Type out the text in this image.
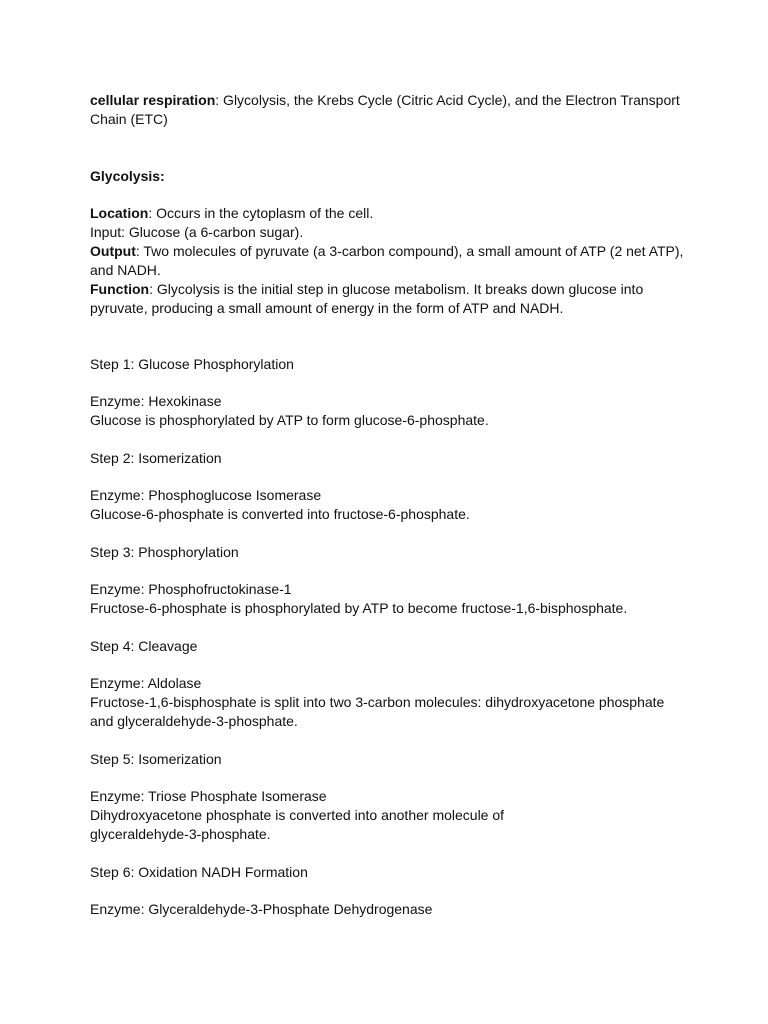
cellular respiration: Glycolysis, the Krebs Cycle (Citric Acid Cycle), and the Electron Transport
Chain (ETC)
Glycolysis:
Location: Occurs in the cytoplasm of the cell.
Input: Glucose (a 6-carbon sugar).
Output: Two molecules of pyruvate (a 3-carbon compound), a small amount of ATP (2 net ATP),
and NADH.
Function: Glycolysis is the initial step in glucose metabolism. It breaks down glucose into
pyruvate, producing a small amount of energy in the form of ATP and NADH.
Step 1: Glucose Phosphorylation
Enzyme: Hexokinase
Glucose is phosphorylated by ATP to form glucose-6-phosphate.
Step 2: Isomerization
Enzyme: Phosphoglucose Isomerase
Glucose-6-phosphate is converted into fructose-6-phosphate.
Step 3: Phosphorylation
Enzyme: Phosphofructokinase-1
Fructose-6-phosphate is phosphorylated by ATP to become fructose-1,6-bisphosphate.
Step 4: Cleavage
Enzyme: Aldolase
Fructose-1,6-bisphosphate is split into two 3-carbon molecules: dihydroxyacetone phosphate
and glyceraldehyde-3-phosphate.
Step 5: Isomerization
Enzyme: Triose Phosphate Isomerase
Dihydroxyacetone phosphate is converted into another molecule of
glyceraldehyde-3-phosphate.
Step 6: Oxidation NADH Formation
Enzyme: Glyceraldehyde-3-Phosphate Dehydrogenase
